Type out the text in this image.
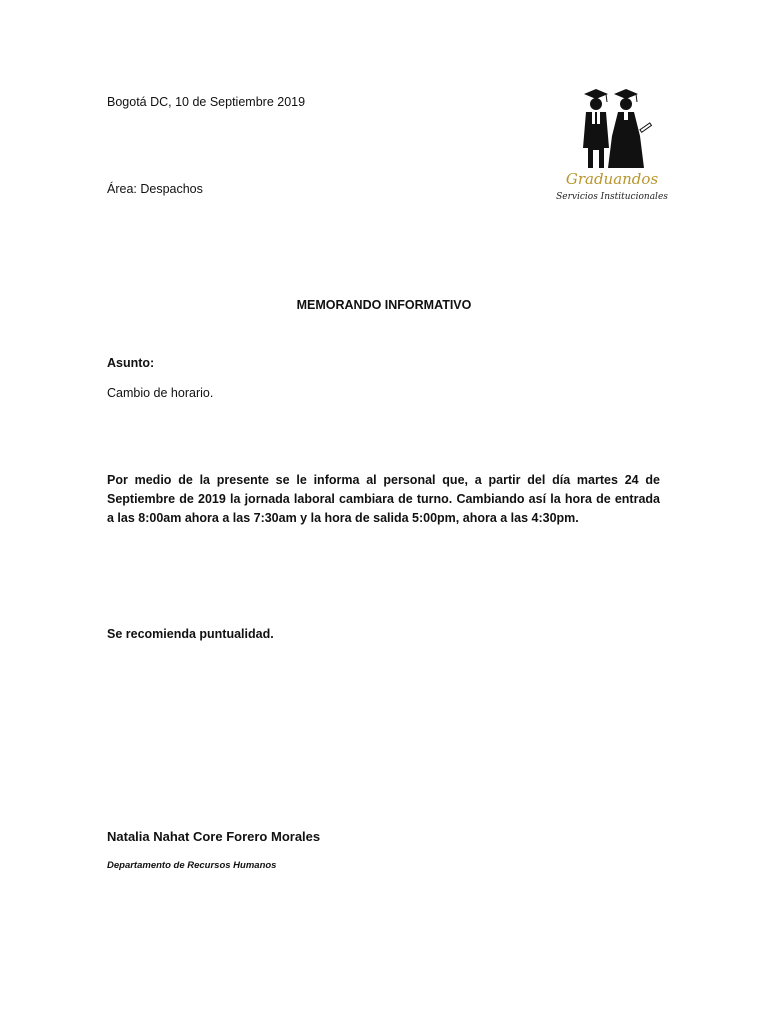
Bogotá DC, 10 de Septiembre 2019
Área: Despachos
Graduandos
Servicios Institucionales
MEMORANDO INFORMATIVO
Asunto:
Cambio de horario.
Por medio de la presente se le informa al personal que, a partir del día martes 24 de Septiembre de 2019 la jornada laboral cambiara de turno. Cambiando así la hora de entrada a las 8:00am ahora a las 7:30am y la hora de salida 5:00pm, ahora a las 4:30pm.
Se recomienda puntualidad.
Natalia Nahat Core Forero Morales
Departamento de Recursos Humanos
